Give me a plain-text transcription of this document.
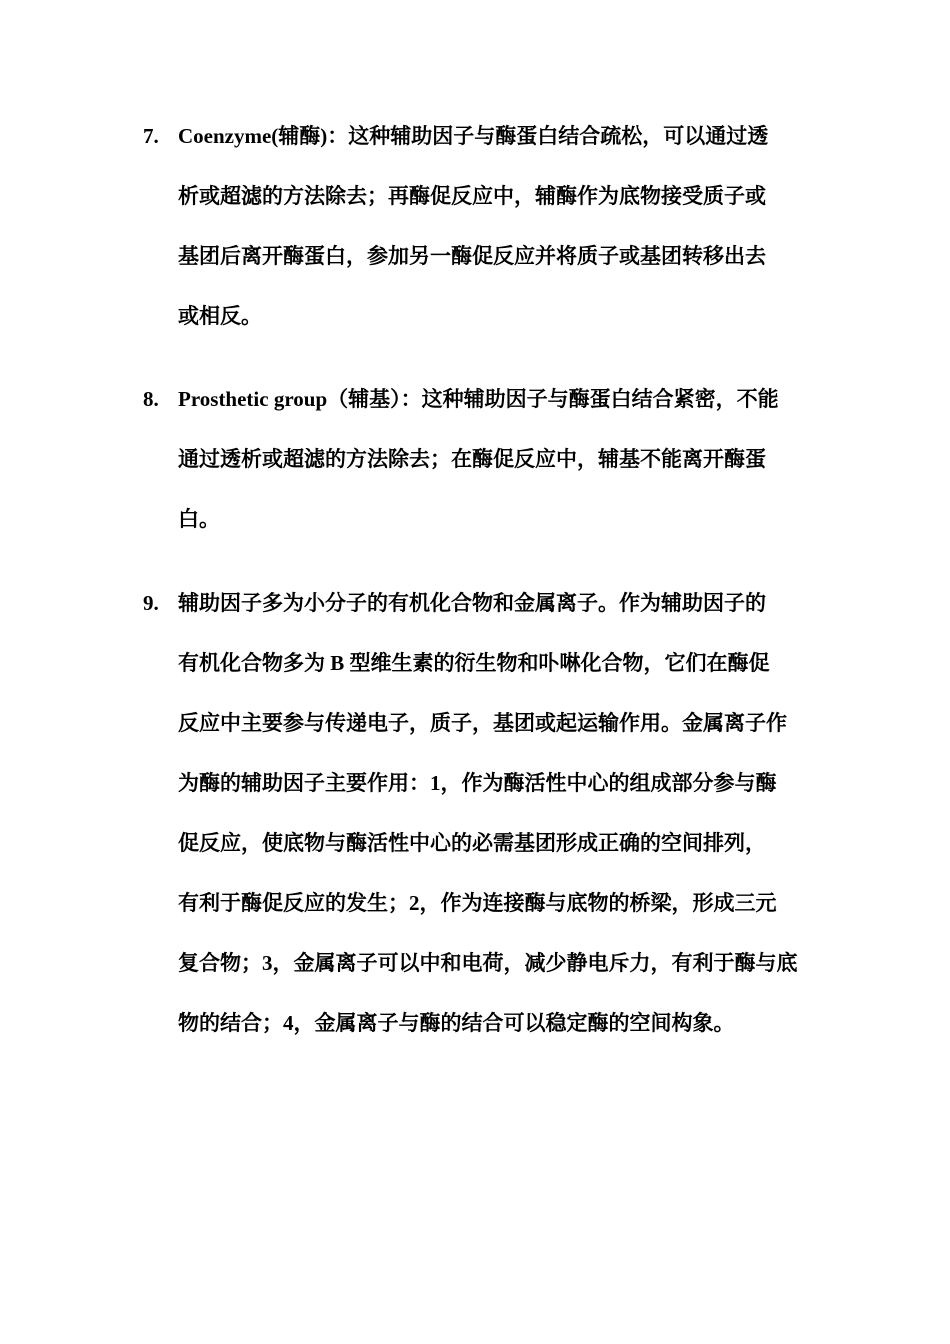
7. Coenzyme(辅酶)：这种辅助因子与酶蛋白结合疏松，可以通过透
析或超滤的方法除去；再酶促反应中，辅酶作为底物接受质子或
基团后离开酶蛋白，参加另一酶促反应并将质子或基团转移出去
或相反。
8. Prosthetic group（辅基）：这种辅助因子与酶蛋白结合紧密，不能
通过透析或超滤的方法除去；在酶促反应中，辅基不能离开酶蛋
白。
9. 辅助因子多为小分子的有机化合物和金属离子。作为辅助因子的
有机化合物多为 B 型维生素的衍生物和卟啉化合物，它们在酶促
反应中主要参与传递电子，质子，基团或起运输作用。金属离子作
为酶的辅助因子主要作用：1，作为酶活性中心的组成部分参与酶
促反应，使底物与酶活性中心的必需基团形成正确的空间排列，
有利于酶促反应的发生；2，作为连接酶与底物的桥梁，形成三元
复合物；3，金属离子可以中和电荷，减少静电斥力，有利于酶与底
物的结合；4，金属离子与酶的结合可以稳定酶的空间构象。
